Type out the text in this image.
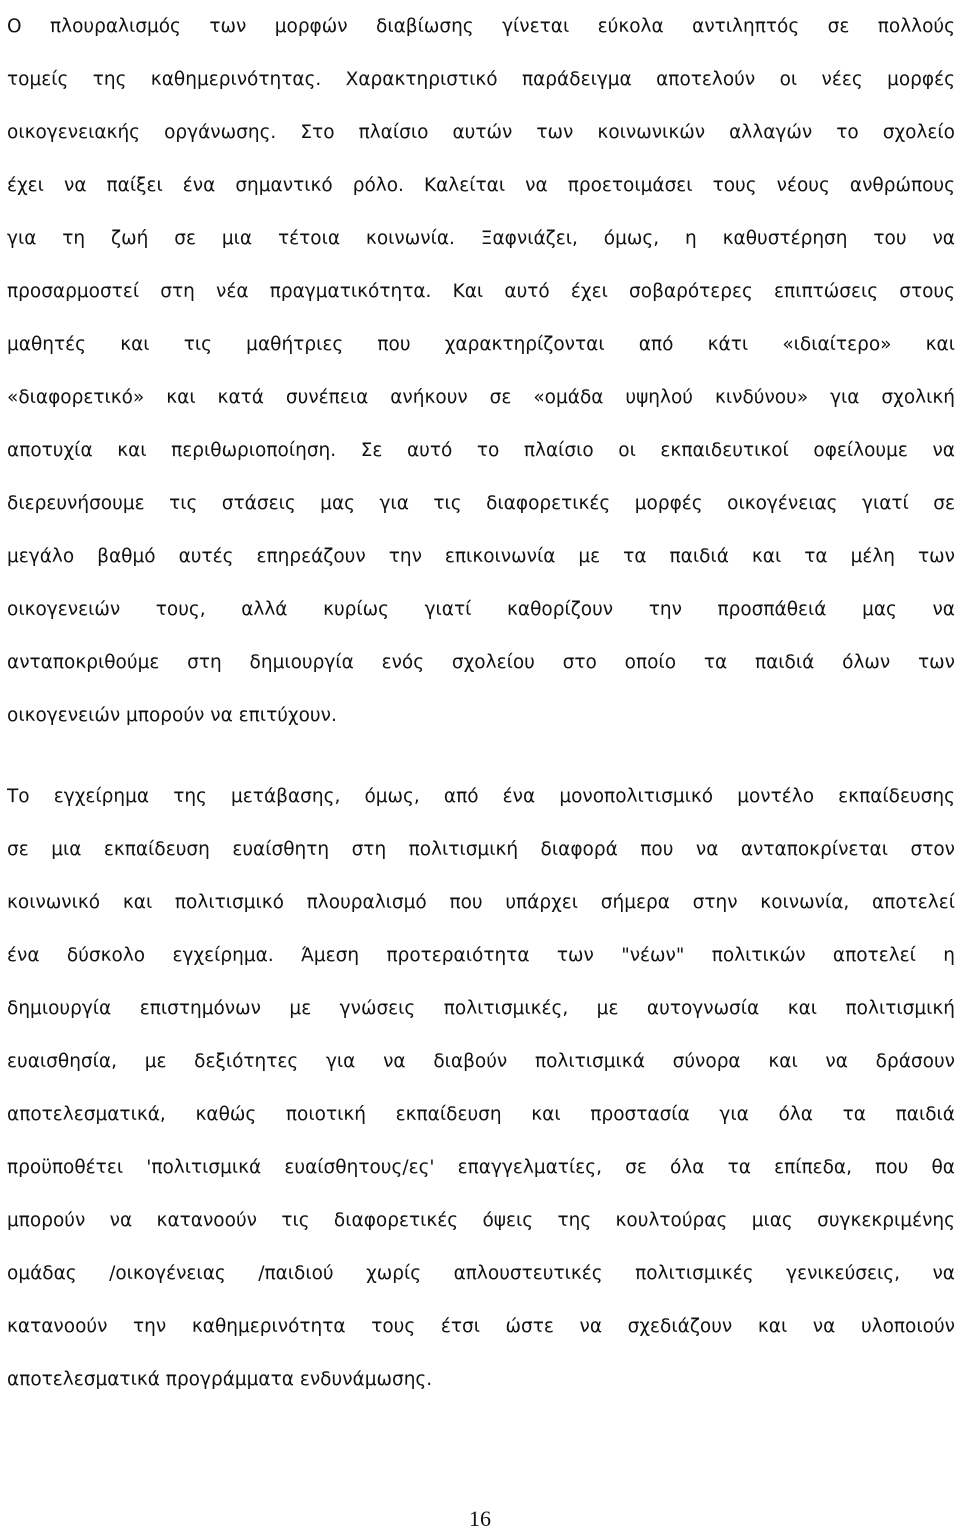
Ο πλουραλισμός των μορφών διαβίωσης γίνεται εύκολα αντιληπτός σε πολλούς
τομείς της καθημερινότητας. Χαρακτηριστικό παράδειγμα αποτελούν οι νέες μορφές
οικογενειακής οργάνωσης. Στο πλαίσιο αυτών των κοινωνικών αλλαγών το σχολείο
έχει να παίξει ένα σημαντικό ρόλο. Καλείται να προετοιμάσει τους νέους ανθρώπους
για τη ζωή σε μια τέτοια κοινωνία. Ξαφνιάζει, όμως, η καθυστέρηση του να
προσαρμοστεί στη νέα πραγματικότητα. Και αυτό έχει σοβαρότερες επιπτώσεις στους
μαθητές και τις μαθήτριες που χαρακτηρίζονται από κάτι «ιδιαίτερο» και
«διαφορετικό» και κατά συνέπεια ανήκουν σε «ομάδα υψηλού κινδύνου» για σχολική
αποτυχία και περιθωριοποίηση. Σε αυτό το πλαίσιο οι εκπαιδευτικοί οφείλουμε να
διερευνήσουμε τις στάσεις μας για τις διαφορετικές μορφές οικογένειας γιατί σε
μεγάλο βαθμό αυτές επηρεάζουν την επικοινωνία με τα παιδιά και τα μέλη των
οικογενειών τους, αλλά κυρίως γιατί καθορίζουν την προσπάθειά μας να
ανταποκριθούμε στη δημιουργία ενός σχολείου στο οποίο τα παιδιά όλων των
οικογενειών μπορούν να επιτύχουν.
Το εγχείρημα της μετάβασης, όμως, από ένα μονοπολιτισμικό μοντέλο εκπαίδευσης
σε μια εκπαίδευση ευαίσθητη στη πολιτισμική διαφορά που να ανταποκρίνεται στον
κοινωνικό και πολιτισμικό πλουραλισμό που υπάρχει σήμερα στην κοινωνία, αποτελεί
ένα δύσκολο εγχείρημα. Άμεση προτεραιότητα των "νέων" πολιτικών αποτελεί η
δημιουργία επιστημόνων με γνώσεις πολιτισμικές, με αυτογνωσία και πολιτισμική
ευαισθησία, με δεξιότητες για να διαβούν πολιτισμικά σύνορα και να δράσουν
αποτελεσματικά, καθώς ποιοτική εκπαίδευση και προστασία για όλα τα παιδιά
προϋποθέτει 'πολιτισμικά ευαίσθητους/ες' επαγγελματίες, σε όλα τα επίπεδα, που θα
μπορούν να κατανοούν τις διαφορετικές όψεις της κουλτούρας μιας συγκεκριμένης
ομάδας /οικογένειας /παιδιού χωρίς απλουστευτικές πολιτισμικές γενικεύσεις, να
κατανοούν την καθημερινότητα τους έτσι ώστε να σχεδιάζουν και να υλοποιούν
αποτελεσματικά προγράμματα ενδυνάμωσης.
16
